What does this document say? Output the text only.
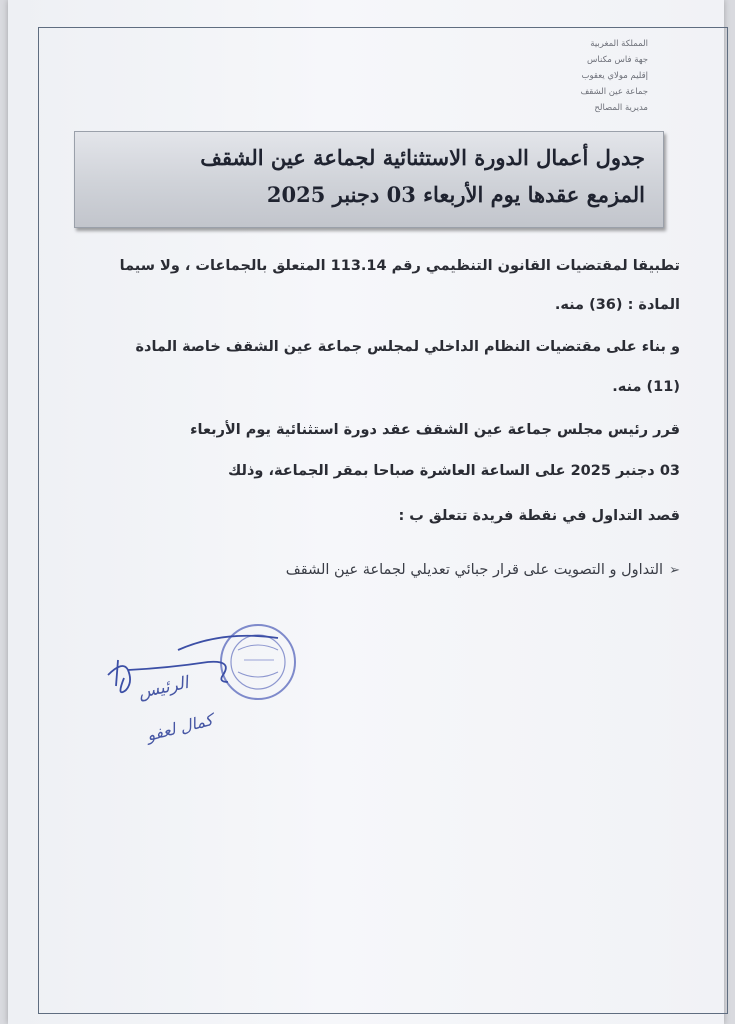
المملكة المغربية
جهة فاس مكناس
إقليم مولاي يعقوب
جماعة عين الشقف
مديرية المصالح
جدول أعمال الدورة الاستثنائية لجماعة عين الشقف
المزمع عقدها يوم الأربعاء 03 دجنبر 2025
تطبيقا لمقتضيات القانون التنظيمي رقم 113.14 المتعلق بالجماعات ، ولا سيما
المادة : (36) منه.
و بناء على مقتضيات النظام الداخلي لمجلس جماعة عين الشقف خاصة المادة
(11) منه.
قرر رئيس مجلس جماعة عين الشقف عقد دورة استثنائية يوم الأربعاء
03 دجنبر 2025 على الساعة العاشرة صباحا بمقر الجماعة، وذلك
قصد التداول في نقطة فريدة تتعلق ب :
➢التداول و التصويت على قرار جبائي تعديلي لجماعة عين الشقف
الرئيس
كمال لعفو
